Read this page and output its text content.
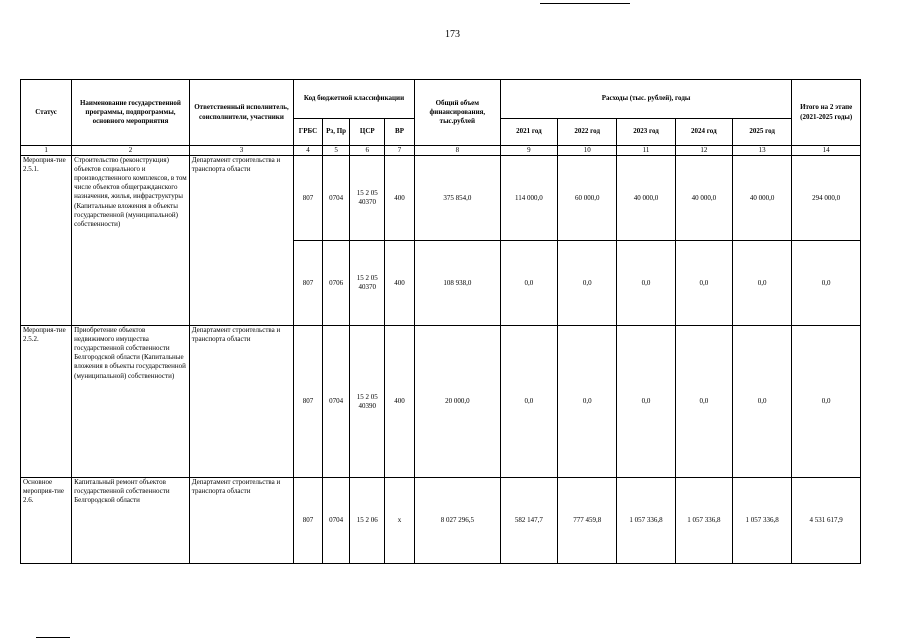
173
Статус	Наименование государственной программы, подпрограммы, основного мероприятия	Ответственный исполнитель, соисполнители, участники	Код бюджетной классификации				Общий объем финансирования, тыс.рублей	Расходы (тыс. рублей), годы					Итого на 2 этапе (2021-2025 годы)
			ГРБС	Рз, Пр	ЦСР	ВР		2021 год	2022 год	2023 год	2024 год	2025 год	
1	2	3	4	5	6	7	8	9	10	11	12	13	14
Мероприя-тие 2.5.1.	Строительство (реконструкция) объектов социального и производственного комплексов, в том числе объектов общегражданского назначения, жилья, инфраструктуры (Капитальные вложения в объекты государственной (муниципальной) собственности)	Департамент строительства и транспорта области	807	0704	15 2 05 40370	400	375 854,0	114 000,0	60 000,0	40 000,0	40 000,0	40 000,0	294 000,0
			807	0706	15 2 05 40370	400	108 938,0	0,0	0,0	0,0	0,0	0,0	0,0
Мероприя-тие 2.5.2.	Приобретение объектов недвижимого имущества государственной собственности Белгородской области (Капитальные вложения в объекты государственной (муниципальной) собственности)	Департамент строительства и транспорта области	807	0704	15 2 05 40390	400	20 000,0	0,0	0,0	0,0	0,0	0,0	0,0
Основное мероприя-тие 2.6.	Капитальный ремонт объектов государственной собственности Белгородской области	Департамент строительства и транспорта области	807	0704	15 2 06	х	8 027 296,5	582 147,7	777 459,8	1 057 336,8	1 057 336,8	1 057 336,8	4 531 617,9
